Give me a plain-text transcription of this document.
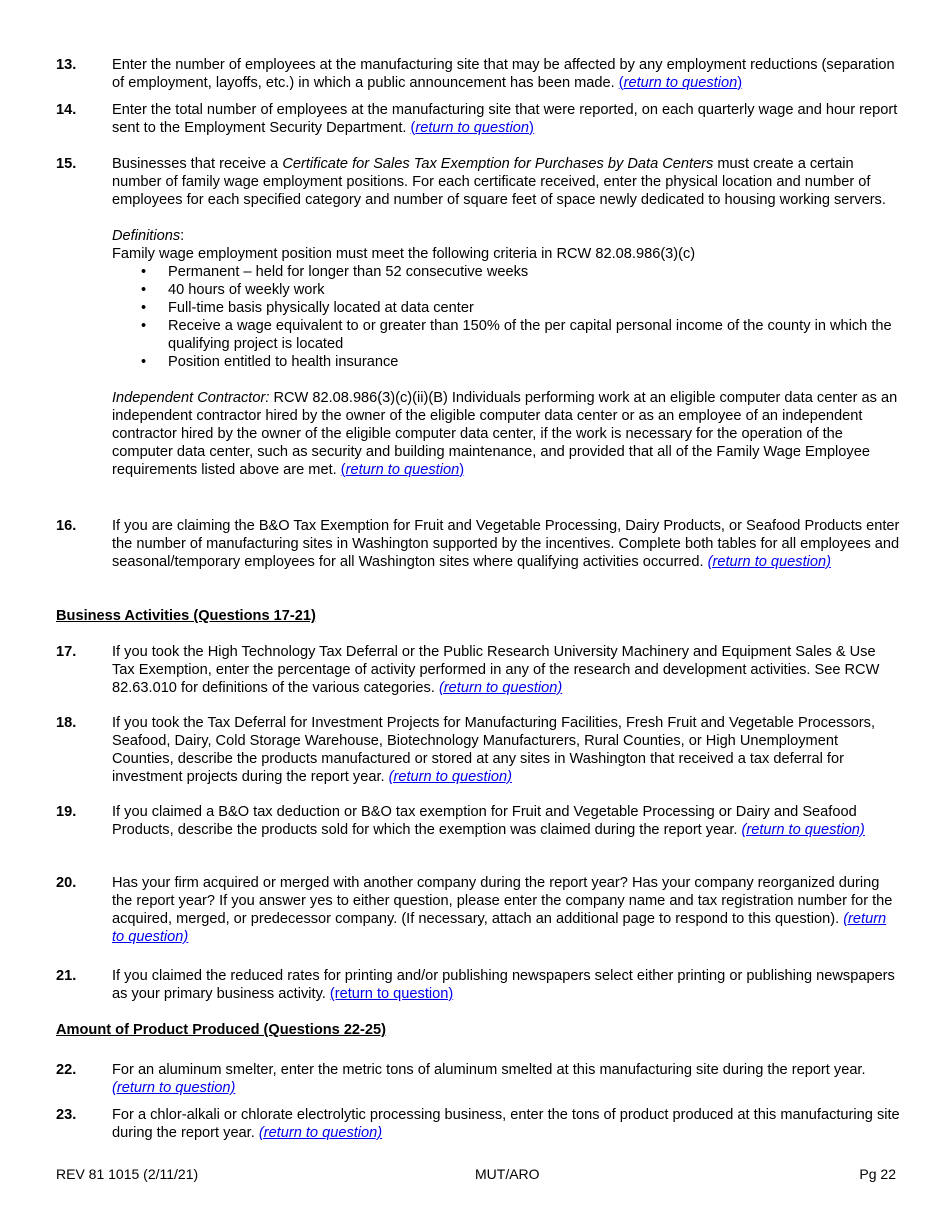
13. Enter the number of employees at the manufacturing site that may be affected by any employment reductions (separation of employment, layoffs, etc.) in which a public announcement has been made. (return to question)

14. Enter the total number of employees at the manufacturing site that were reported, on each quarterly wage and hour report sent to the Employment Security Department. (return to question)

15. Businesses that receive a Certificate for Sales Tax Exemption for Purchases by Data Centers must create a certain number of family wage employment positions. For each certificate received, enter the physical location and number of employees for each specified category and number of square feet of space newly dedicated to housing working servers.

Definitions:

Family wage employment position must meet the following criteria in RCW 82.08.986(3)(c)

• Permanent – held for longer than 52 consecutive weeks
• 40 hours of weekly work
• Full-time basis physically located at data center
• Receive a wage equivalent to or greater than 150% of the per capital personal income of the county in which the qualifying project is located
• Position entitled to health insurance

Independent Contractor: RCW 82.08.986(3)(c)(ii)(B) Individuals performing work at an eligible computer data center as an independent contractor hired by the owner of the eligible computer data center or as an employee of an independent contractor hired by the owner of the eligible computer data center, if the work is necessary for the operation of the computer data center, such as security and building maintenance, and provided that all of the Family Wage Employee requirements listed above are met. (return to question)

16. If you are claiming the B&O Tax Exemption for Fruit and Vegetable Processing, Dairy Products, or Seafood Products enter the number of manufacturing sites in Washington supported by the incentives. Complete both tables for all employees and seasonal/temporary employees for all Washington sites where qualifying activities occurred. (return to question)

Business Activities (Questions 17-21)
17. If you took the High Technology Tax Deferral or the Public Research University Machinery and Equipment Sales & Use Tax Exemption, enter the percentage of activity performed in any of the research and development activities. See RCW 82.63.010 for definitions of the various categories. (return to question)

18. If you took the Tax Deferral for Investment Projects for Manufacturing Facilities, Fresh Fruit and Vegetable Processors, Seafood, Dairy, Cold Storage Warehouse, Biotechnology Manufacturers, Rural Counties, or High Unemployment Counties, describe the products manufactured or stored at any sites in Washington that received a tax deferral for investment projects during the report year. (return to question)

19. If you claimed a B&O tax deduction or B&O tax exemption for Fruit and Vegetable Processing or Dairy and Seafood Products, describe the products sold for which the exemption was claimed during the report year. (return to question)

20. Has your firm acquired or merged with another company during the report year? Has your company reorganized during the report year? If you answer yes to either question, please enter the company name and tax registration number for the acquired, merged, or predecessor company. (If necessary, attach an additional page to respond to this question). (return to question)

21. If you claimed the reduced rates for printing and/or publishing newspapers select either printing or publishing newspapers as your primary business activity. (return to question)

Amount of Product Produced (Questions 22-25)
22. For an aluminum smelter, enter the metric tons of aluminum smelted at this manufacturing site during the report year. (return to question)

23. For a chlor-alkali or chlorate electrolytic processing business, enter the tons of product produced at this manufacturing site during the report year. (return to question)

REV 81 1015 (2/11/21)	MUT/ARO	Pg 22
